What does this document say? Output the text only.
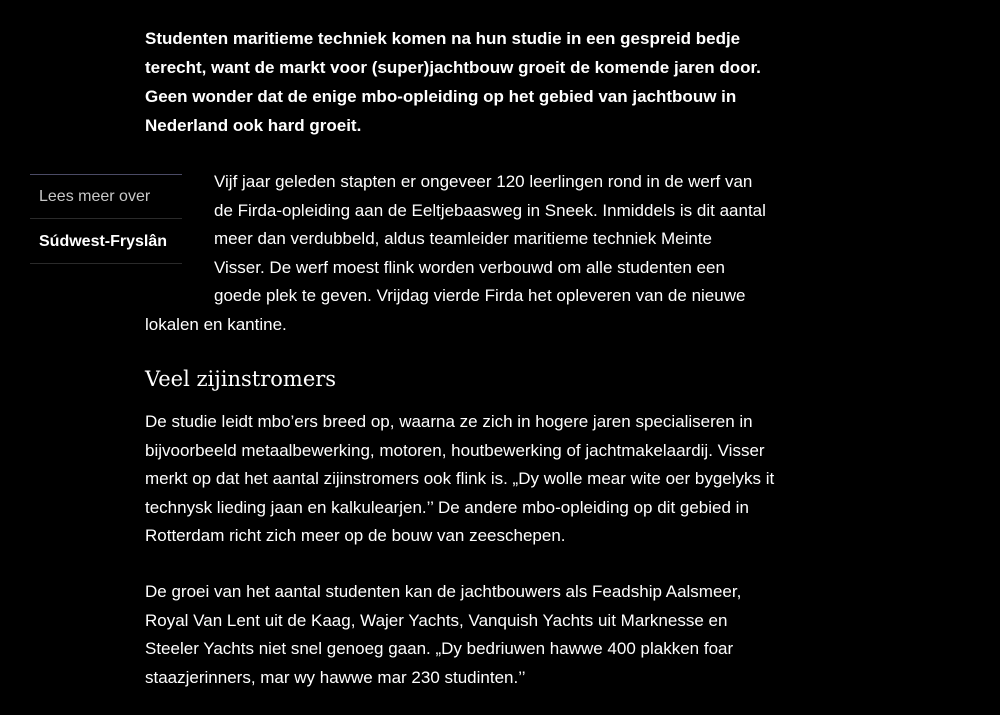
Studenten maritieme techniek komen na hun studie in een gespreid bedje terecht, want de markt voor (super)jachtbouw groeit de komende jaren door. Geen wonder dat de enige mbo-opleiding op het gebied van jachtbouw in Nederland ook hard groeit.

Lees meer over
Súdwest-Fryslân

Vijf jaar geleden stapten er ongeveer 120 leerlingen rond in de werf van
de Firda-opleiding aan de Eeltjebaasweg in Sneek. Inmiddels is dit aantal
meer dan verdubbeld, aldus teamleider maritieme techniek Meinte
Visser. De werf moest flink worden verbouwd om alle studenten een
goede plek te geven. Vrijdag vierde Firda het opleveren van de nieuwe
lokalen en kantine.

Veel zijinstromers

De studie leidt mbo’ers breed op, waarna ze zich in hogere jaren specialiseren in bijvoorbeeld metaalbewerking, motoren, houtbewerking of jachtmakelaardij. Visser merkt op dat het aantal zijinstromers ook flink is. „Dy wolle mear wite oer bygelyks it technysk lieding jaan en kalkulearjen.’’ De andere mbo-opleiding op dit gebied in Rotterdam richt zich meer op de bouw van zeeschepen.

De groei van het aantal studenten kan de jachtbouwers als Feadship Aalsmeer, Royal Van Lent uit de Kaag, Wajer Yachts, Vanquish Yachts uit Marknesse en Steeler Yachts niet snel genoeg gaan. „Dy bedriuwen hawwe 400 plakken foar staazjerinners, mar wy hawwe mar 230 studinten.’’
